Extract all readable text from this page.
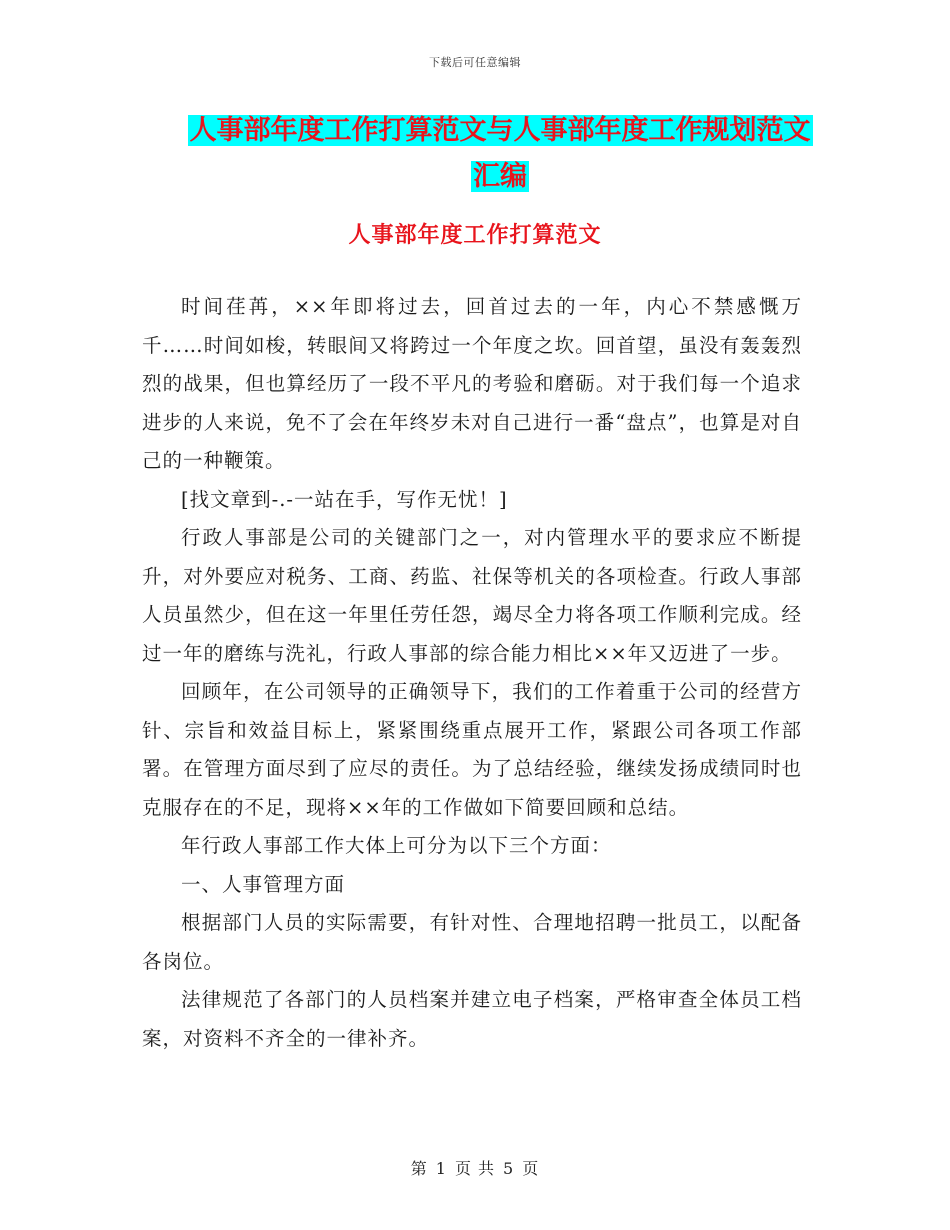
下载后可任意编辑
人事部年度工作打算范文与人事部年度工作规划范文
汇编
人事部年度工作打算范文

时间荏苒，××年即将过去，回首过去的一年，内心不禁感慨万千……时间如梭，转眼间又将跨过一个年度之坎。回首望，虽没有轰轰烈烈的战果，但也算经历了一段不平凡的考验和磨砺。对于我们每一个追求进步的人来说，免不了会在年终岁未对自己进行一番“盘点”，也算是对自己的一种鞭策。

[找文章到-.-一站在手，写作无忧！]

行政人事部是公司的关键部门之一，对内管理水平的要求应不断提升，对外要应对税务、工商、药监、社保等机关的各项检查。行政人事部人员虽然少，但在这一年里任劳任怨，竭尽全力将各项工作顺利完成。经过一年的磨练与洗礼，行政人事部的综合能力相比××年又迈进了一步。

回顾年，在公司领导的正确领导下，我们的工作着重于公司的经营方针、宗旨和效益目标上，紧紧围绕重点展开工作，紧跟公司各项工作部署。在管理方面尽到了应尽的责任。为了总结经验，继续发扬成绩同时也克服存在的不足，现将××年的工作做如下简要回顾和总结。

年行政人事部工作大体上可分为以下三个方面：

一、人事管理方面

根据部门人员的实际需要，有针对性、合理地招聘一批员工，以配备各岗位。

法律规范了各部门的人员档案并建立电子档案，严格审查全体员工档案，对资料不齐全的一律补齐。

第 1 页 共 5 页
